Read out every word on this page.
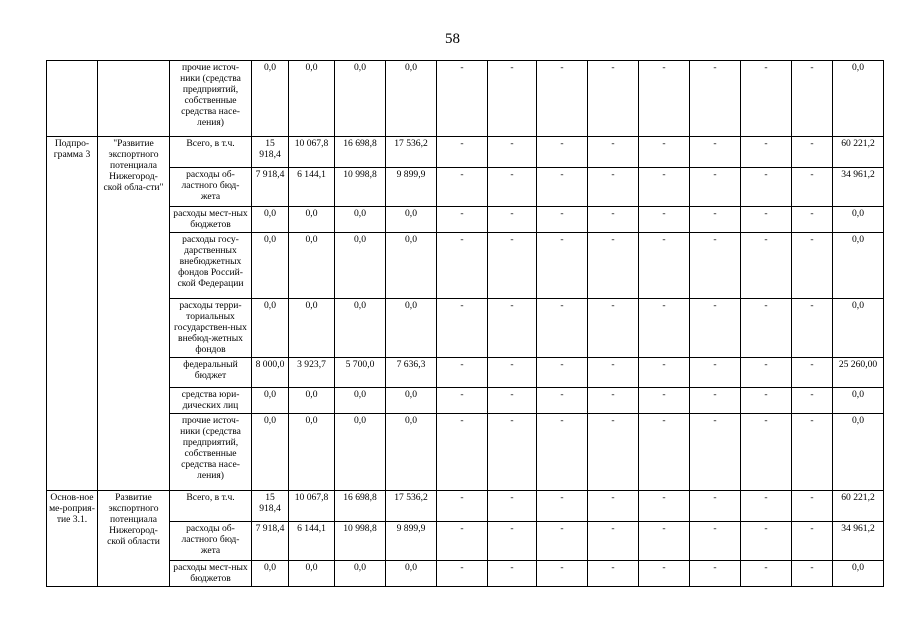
58
		прочие источ-ники (средства предприятий, собственные средства насе-ления)	0,0	0,0	0,0	0,0	-	-	-	-	-	-	-	-	0,0
Подпро-грамма 3	"Развитие экспортного потенциала Нижегород-ской обла-сти"	Всего, в т.ч.	15 918,4	10 067,8	16 698,8	17 536,2	-	-	-	-	-	-	-	-	60 221,2
		расходы об-ластного бюд-жета	7 918,4	6 144,1	10 998,8	9 899,9	-	-	-	-	-	-	-	-	34 961,2
		расходы мест-ных бюджетов	0,0	0,0	0,0	0,0	-	-	-	-	-	-	-	-	0,0
		расходы госу-дарственных внебюджетных фондов Россий-ской Федерации	0,0	0,0	0,0	0,0	-	-	-	-	-	-	-	-	0,0
		расходы терри-ториальных государствен-ных внебюд-жетных фондов	0,0	0,0	0,0	0,0	-	-	-	-	-	-	-	-	0,0
		федеральный бюджет	8 000,0	3 923,7	5 700,0	7 636,3	-	-	-	-	-	-	-	-	25 260,00
		средства юри-дических лиц	0,0	0,0	0,0	0,0	-	-	-	-	-	-	-	-	0,0
		прочие источ-ники (средства предприятий, собственные средства насе-ления)	0,0	0,0	0,0	0,0	-	-	-	-	-	-	-	-	0,0
Основ-ное ме-роприя-тие 3.1.	Развитие экспортного потенциала Нижегород-ской области	Всего, в т.ч.	15 918,4	10 067,8	16 698,8	17 536,2	-	-	-	-	-	-	-	-	60 221,2
		расходы об-ластного бюд-жета	7 918,4	6 144,1	10 998,8	9 899,9	-	-	-	-	-	-	-	-	34 961,2
		расходы мест-ных бюджетов	0,0	0,0	0,0	0,0	-	-	-	-	-	-	-	-	0,0
